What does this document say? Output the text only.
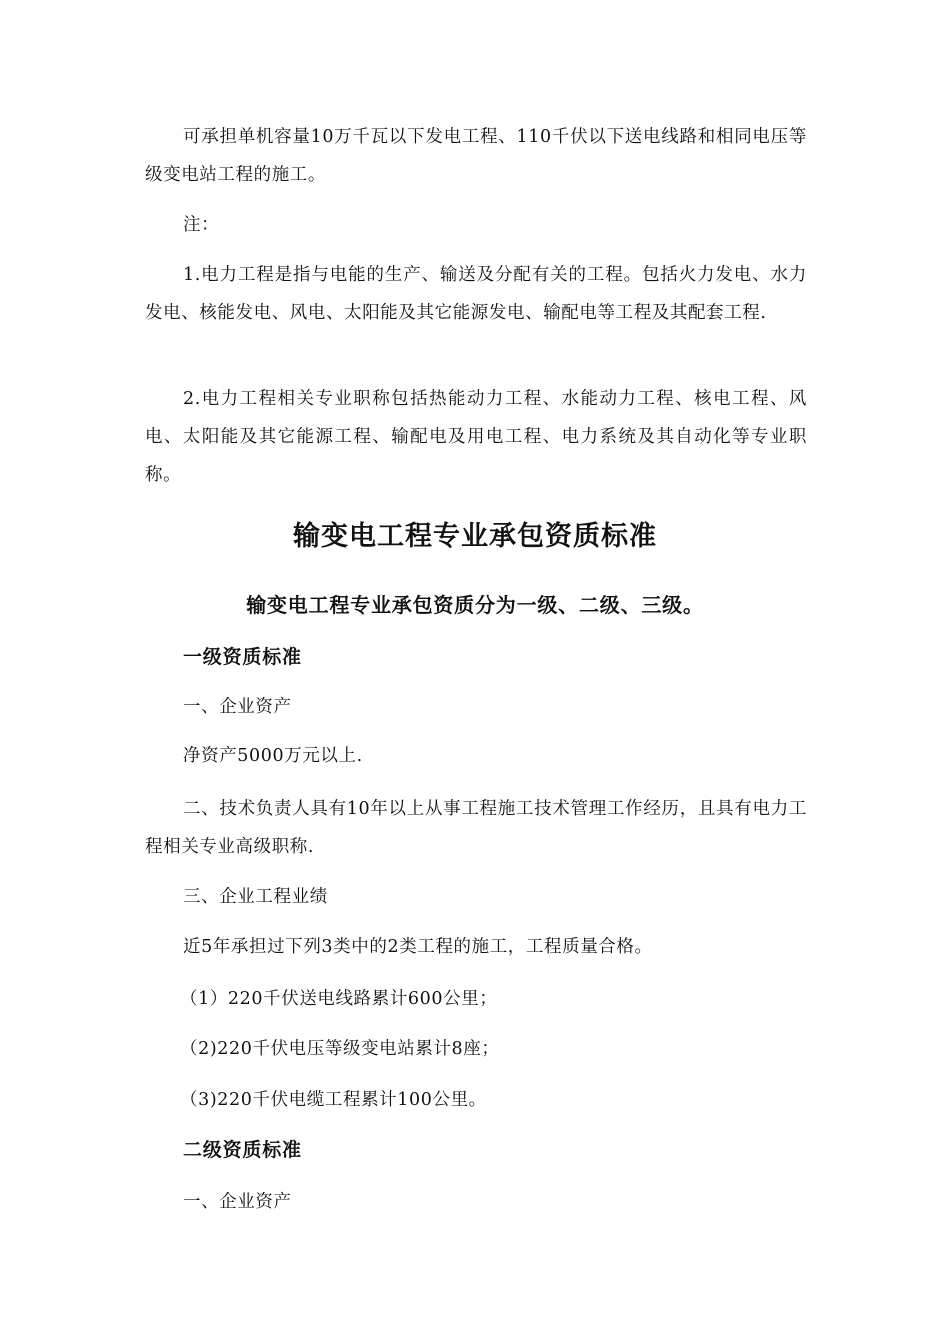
可承担单机容量10万千瓦以下发电工程、110千伏以下送电线路和相同电压等级变电站工程的施工。

注：

1.电力工程是指与电能的生产、输送及分配有关的工程。包括火力发电、水力发电、核能发电、风电、太阳能及其它能源发电、输配电等工程及其配套工程.

2.电力工程相关专业职称包括热能动力工程、水能动力工程、核电工程、风电、太阳能及其它能源工程、输配电及用电工程、电力系统及其自动化等专业职称。

输变电工程专业承包资质标准
输变电工程专业承包资质分为一级、二级、三级。
一级资质标准

一、企业资产

净资产5000万元以上.

二、技术负责人具有10年以上从事工程施工技术管理工作经历，且具有电力工程相关专业高级职称.

三、企业工程业绩

近5年承担过下列3类中的2类工程的施工，工程质量合格。

（1）220千伏送电线路累计600公里；

（2)220千伏电压等级变电站累计8座；

（3)220千伏电缆工程累计100公里。

二级资质标准

一、企业资产
